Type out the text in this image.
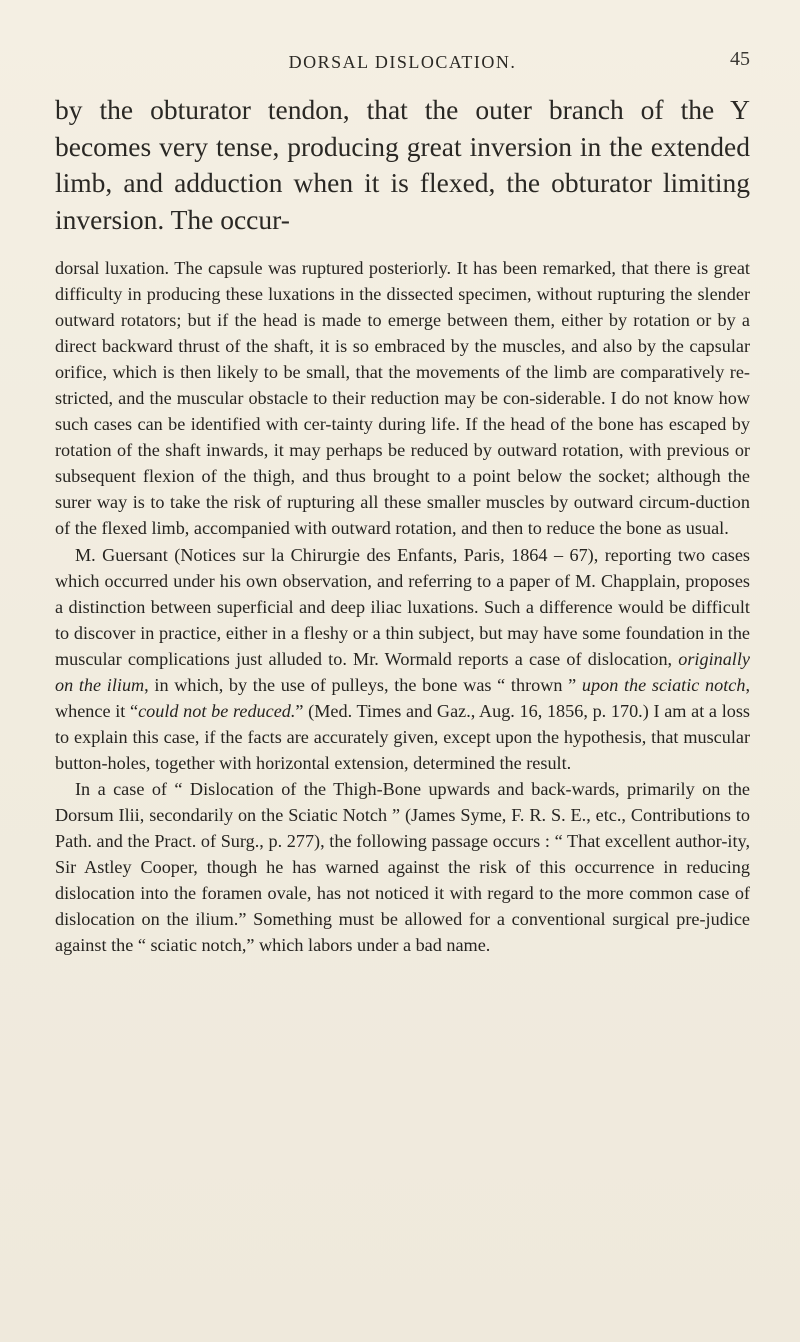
DORSAL DISLOCATION.	45

by the obturator tendon, that the outer branch of the Y becomes very tense, producing great inversion in the extended limb, and adduction when it is flexed, the obturator limiting inversion. The occur-

dorsal luxation. The capsule was ruptured posteriorly. It has been remarked, that there is great difficulty in producing these luxations in the dissected specimen, without rupturing the slender outward rotators; but if the head is made to emerge between them, either by rotation or by a direct backward thrust of the shaft, it is so embraced by the muscles, and also by the capsular orifice, which is then likely to be small, that the movements of the limb are comparatively re-stricted, and the muscular obstacle to their reduction may be con-siderable. I do not know how such cases can be identified with cer-tainty during life. If the head of the bone has escaped by rotation of the shaft inwards, it may perhaps be reduced by outward rotation, with previous or subsequent flexion of the thigh, and thus brought to a point below the socket; although the surer way is to take the risk of rupturing all these smaller muscles by outward circum-duction of the flexed limb, accompanied with outward rotation, and then to reduce the bone as usual.

M. Guersant (Notices sur la Chirurgie des Enfants, Paris, 1864 – 67), reporting two cases which occurred under his own observation, and referring to a paper of M. Chapplain, proposes a distinction between superficial and deep iliac luxations. Such a difference would be difficult to discover in practice, either in a fleshy or a thin subject, but may have some foundation in the muscular complications just alluded to. Mr. Wormald reports a case of dislocation, originally on the ilium, in which, by the use of pulleys, the bone was “ thrown ” upon the sciatic notch, whence it “could not be reduced.” (Med. Times and Gaz., Aug. 16, 1856, p. 170.) I am at a loss to explain this case, if the facts are accurately given, except upon the hypothesis, that muscular button-holes, together with horizontal extension, determined the result.

In a case of “ Dislocation of the Thigh-Bone upwards and back-wards, primarily on the Dorsum Ilii, secondarily on the Sciatic Notch ” (James Syme, F. R. S. E., etc., Contributions to Path. and the Pract. of Surg., p. 277), the following passage occurs : “ That excellent author-ity, Sir Astley Cooper, though he has warned against the risk of this occurrence in reducing dislocation into the foramen ovale, has not noticed it with regard to the more common case of dislocation on the ilium.” Something must be allowed for a conventional surgical pre-judice against the “ sciatic notch,” which labors under a bad name.
